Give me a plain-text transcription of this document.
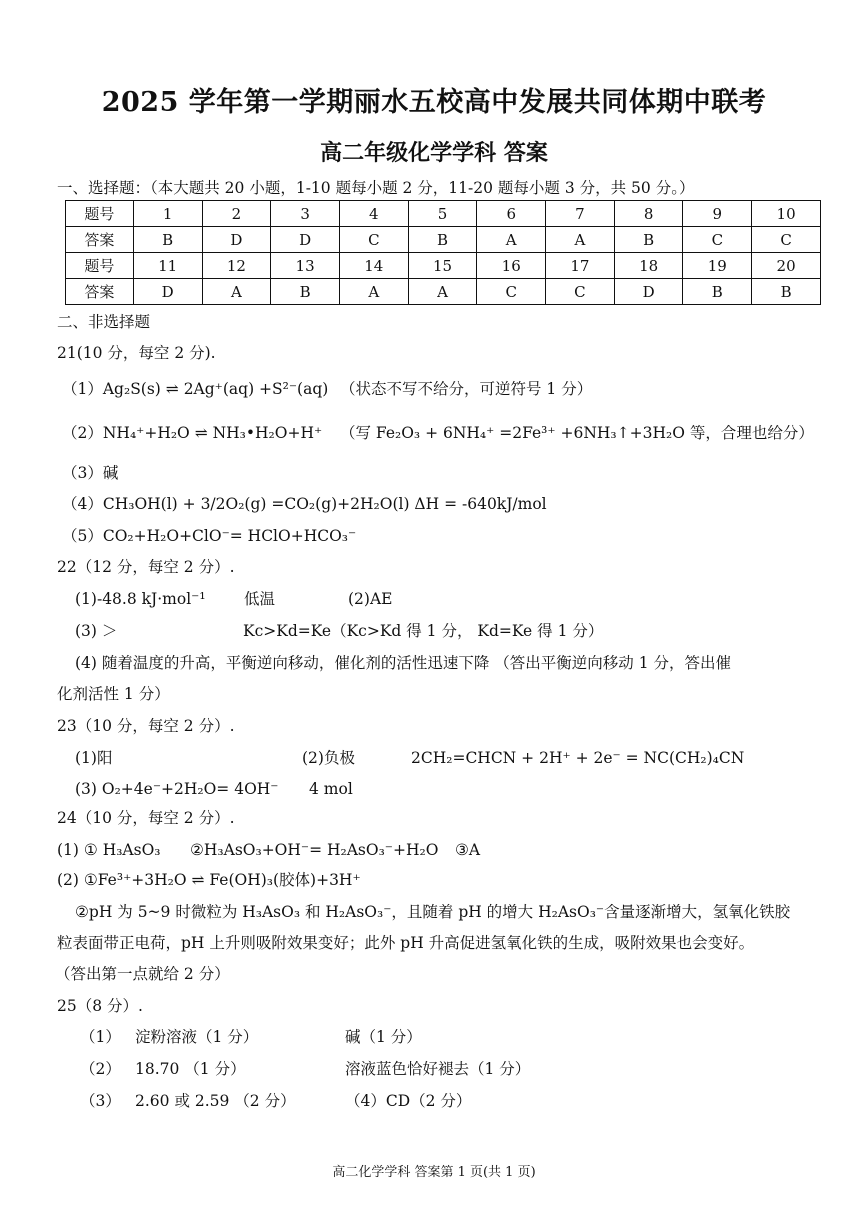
2025 学年第一学期丽水五校高中发展共同体期中联考
高二年级化学学科 答案
一、选择题：（本大题共 20 小题，1-10 题每小题 2 分，11-20 题每小题 3 分，共 50 分。）
题号	1	2	3	4	5	6	7	8	9	10
答案	B	D	D	C	B	A	A	B	C	C
题号	11	12	13	14	15	16	17	18	19	20
答案	D	A	B	A	A	C	C	D	B	B
二、非选择题
21(10 分，每空 2 分).
（1）Ag₂S(s) ⇌ 2Ag⁺(aq) +S²⁻(aq) （状态不写不给分，可逆符号 1 分）
（2）NH₄⁺+H₂O ⇌ NH₃•H₂O+H⁺ （写 Fe₂O₃ + 6NH₄⁺ =2Fe³⁺ +6NH₃↑+3H₂O 等，合理也给分）
（3）碱
（4）CH₃OH(l) + 3/2O₂(g) =CO₂(g)+2H₂O(l) ΔH = -640kJ/mol
（5）CO₂+H₂O+ClO⁻= HClO+HCO₃⁻
22（12 分，每空 2 分）.
(1)-48.8 kJ·mol⁻¹ 低温	(2)AE
(3) ＞	Kc>Kd=Ke（Kc>Kd 得 1 分， Kd=Ke 得 1 分）
(4) 随着温度的升高，平衡逆向移动，催化剂的活性迅速下降 （答出平衡逆向移动 1 分，答出催
化剂活性 1 分）
23（10 分，每空 2 分）.
(1)阳	(2)负极	2CH₂=CHCN + 2H⁺ + 2e⁻ = NC(CH₂)₄CN
(3) O₂+4e⁻+2H₂O= 4OH⁻ 4 mol
24（10 分，每空 2 分）.
(1) ① H₃AsO₃ ②H₃AsO₃+OH⁻= H₂AsO₃⁻+H₂O ③A
(2) ①Fe³⁺+3H₂O ⇌ Fe(OH)₃(胶体)+3H⁺
②pH 为 5~9 时微粒为 H₃AsO₃ 和 H₂AsO₃⁻，且随着 pH 的增大 H₂AsO₃⁻含量逐渐增大，氢氧化铁胶
粒表面带正电荷，pH 上升则吸附效果变好；此外 pH 升高促进氢氧化铁的生成，吸附效果也会变好。
（答出第一点就给 2 分）
25（8 分）.
（1） 淀粉溶液（1 分）	碱（1 分）
（2） 18.70 （1 分）	溶液蓝色恰好褪去（1 分）
（3） 2.60 或 2.59 （2 分）	（4）CD（2 分）
高二化学学科 答案第 1 页(共 1 页)
